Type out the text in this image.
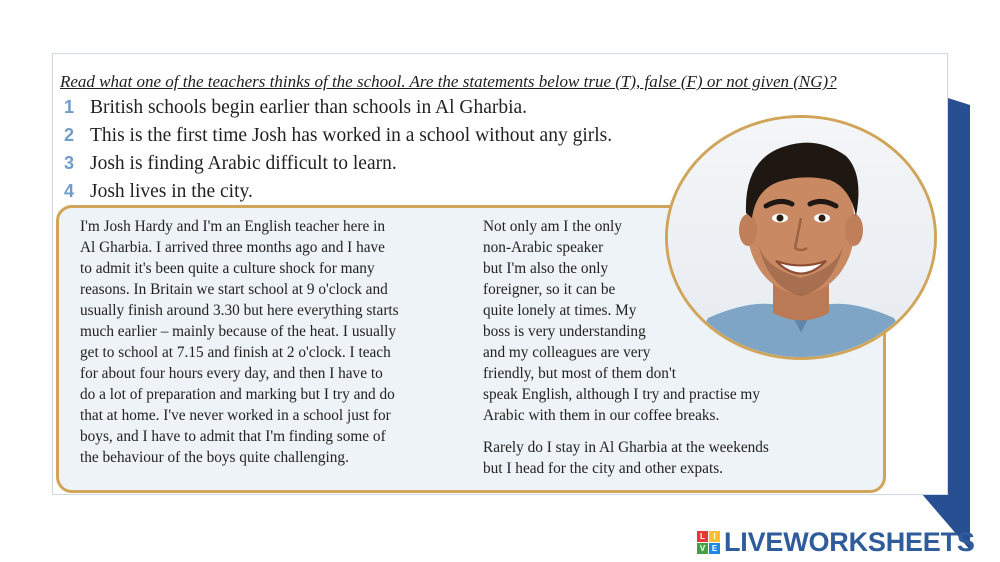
Read what one of the teachers thinks of the school. Are the statements below true (T), false (F) or not given (NG)?
1 British schools begin earlier than schools in Al Gharbia.
2 This is the first time Josh has worked in a school without any girls.
3 Josh is finding Arabic difficult to learn.
4 Josh lives in the city.

I'm Josh Hardy and I'm an English teacher here in

Al Gharbia. I arrived three months ago and I have

to admit it's been quite a culture shock for many

reasons. In Britain we start school at 9 o'clock and

usually finish around 3.30 but here everything starts

much earlier – mainly because of the heat. I usually

get to school at 7.15 and finish at 2 o'clock. I teach

for about four hours every day, and then I have to

do a lot of preparation and marking but I try and do

that at home. I've never worked in a school just for

boys, and I have to admit that I'm finding some of

the behaviour of the boys quite challenging.

Not only am I the only

non-Arabic speaker

but I'm also the only

foreigner, so it can be

quite lonely at times. My

boss is very understanding

and my colleagues are very

friendly, but most of them don't

speak English, although I try and practise my

Arabic with them in our coffee breaks.

Rarely do I stay in Al Gharbia at the weekends

but I head for the city and other expats.

L	I
V E LIVEWORKSHEETS
